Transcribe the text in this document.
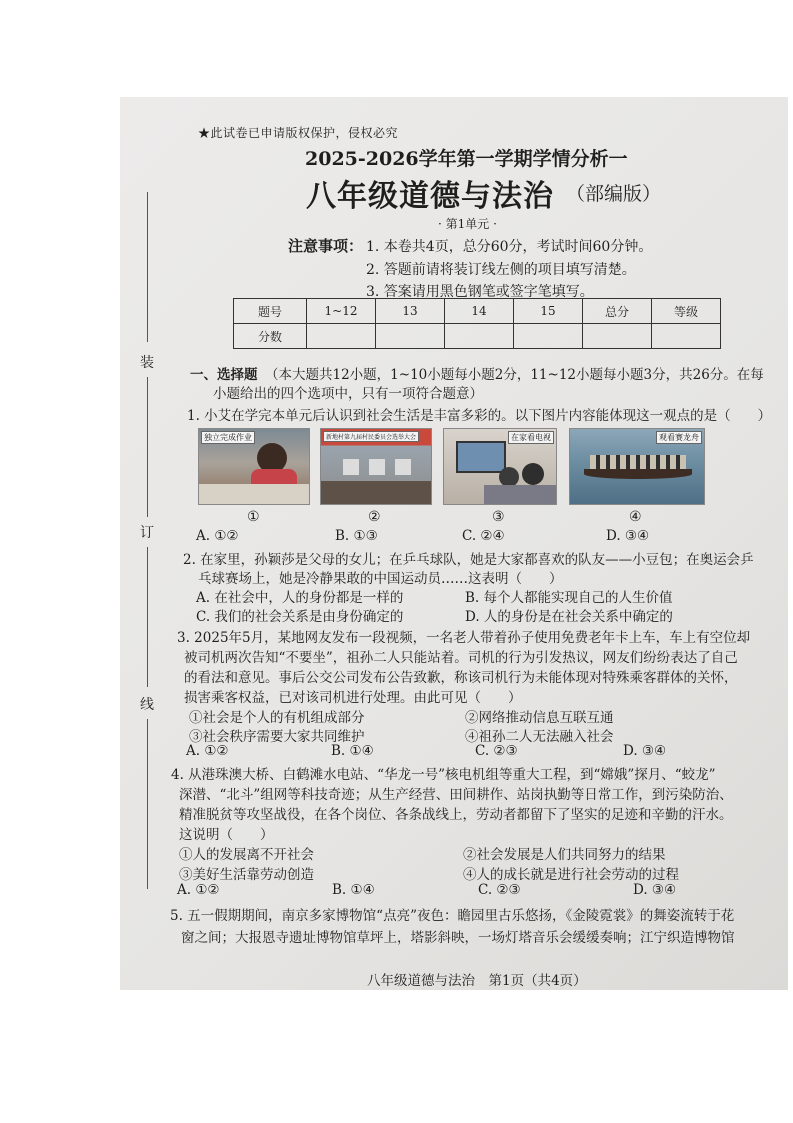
★此试卷已申请版权保护，侵权必究
2025-2026学年第一学期学情分析一
八年级道德与法治 （部编版）
· 第1单元 ·
注意事项： 1. 本卷共4页，总分60分，考试时间60分钟。
2. 答题前请将装订线左侧的项目填写清楚。
3. 答案请用黑色钢笔或签字笔填写。
题号	1~12	13	14	15	总分	等级
分数						
装
订
线
一、选择题 （本大题共12小题，1~10小题每小题2分，11~12小题每小题3分，共26分。在每
小题给出的四个选项中，只有一项符合题意）
1. 小艾在学完本单元后认识到社会生活是丰富多彩的。以下图片内容能体现这一观点的是（　　）
独立完成作业	新地村第九届村民委员会选举大会	在家看电视	观看赛龙舟
①	②	③	④
A. ①②	B. ①③	C. ②④	D. ③④
2. 在家里，孙颖莎是父母的女儿；在乒乓球队，她是大家都喜欢的队友——小豆包；在奥运会乒
乓球赛场上，她是冷静果敢的中国运动员……这表明（　　）
A. 在社会中，人的身份都是一样的	B. 每个人都能实现自己的人生价值
C. 我们的社会关系是由身份确定的	D. 人的身份是在社会关系中确定的
3. 2025年5月，某地网友发布一段视频，一名老人带着孙子使用免费老年卡上车，车上有空位却
被司机两次告知“不要坐”，祖孙二人只能站着。司机的行为引发热议，网友们纷纷表达了自己
的看法和意见。事后公交公司发布公告致歉，称该司机行为未能体现对特殊乘客群体的关怀，
损害乘客权益，已对该司机进行处理。由此可见（　　）
①社会是个人的有机组成部分	②网络推动信息互联互通
③社会秩序需要大家共同维护	④祖孙二人无法融入社会
A. ①②	B. ①④	C. ②③	D. ③④
4. 从港珠澳大桥、白鹤滩水电站、“华龙一号”核电机组等重大工程，到“嫦娥”探月、“蛟龙”
深潜、“北斗”组网等科技奇迹；从生产经营、田间耕作、站岗执勤等日常工作，到污染防治、
精准脱贫等攻坚战役，在各个岗位、各条战线上，劳动者都留下了坚实的足迹和辛勤的汗水。
这说明（　　）
①人的发展离不开社会	②社会发展是人们共同努力的结果
③美好生活靠劳动创造	④人的成长就是进行社会劳动的过程
A. ①②	B. ①④	C. ②③	D. ③④
5. 五一假期期间，南京多家博物馆“点亮”夜色：瞻园里古乐悠扬，《金陵霓裳》的舞姿流转于花
窗之间；大报恩寺遗址博物馆草坪上，塔影斜映，一场灯塔音乐会缓缓奏响；江宁织造博物馆
八年级道德与法治　第1页（共4页）
